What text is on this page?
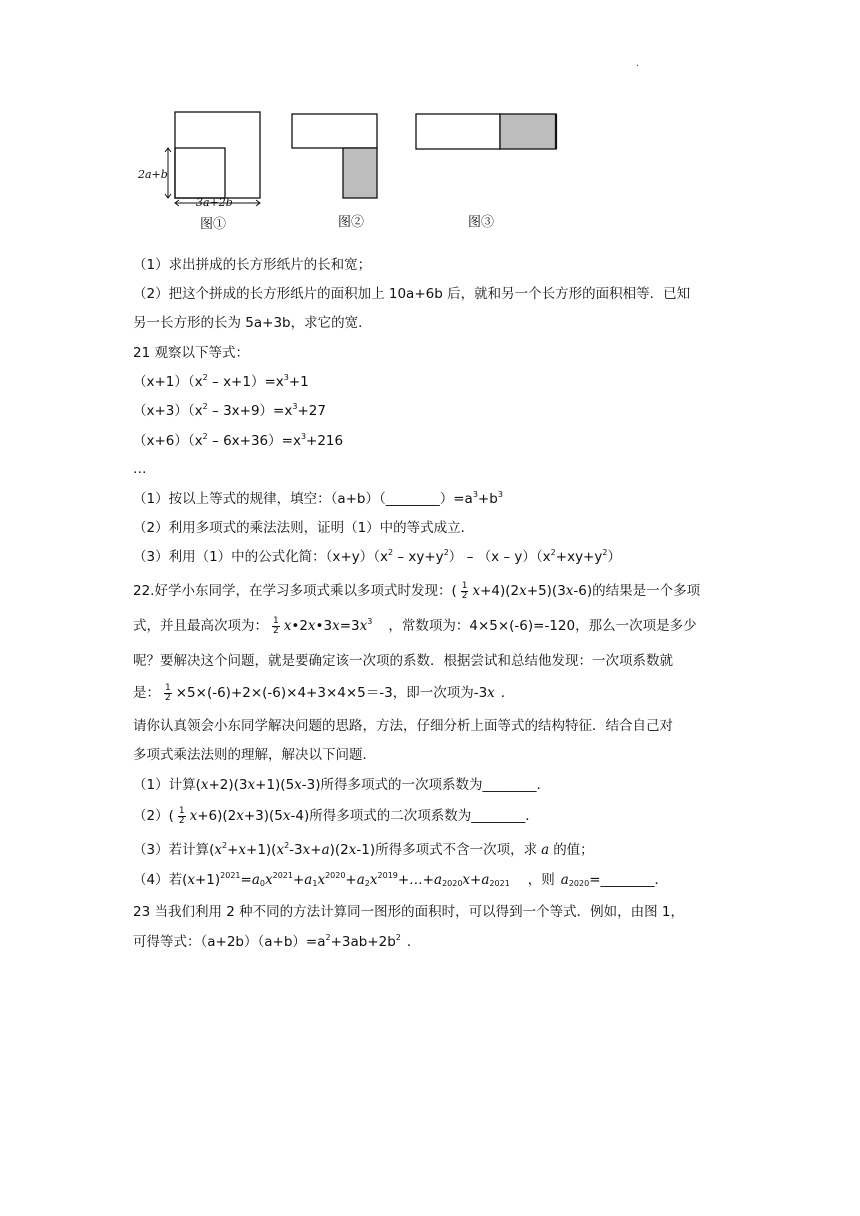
.
2a+b
3a+2b
图①	图②	图③
（1）求出拼成的长方形纸片的长和宽；
（2）把这个拼成的长方形纸片的面积加上 10a+6b 后，就和另一个长方形的面积相等．已知
另一长方形的长为 5a+3b，求它的宽．
21 观察以下等式：
$(x+1)(x^2 - x+1)=x^3+1$
$(x+3)(x^2 - 3x+9)=x^3+27$
$(x+6)(x^2 - 6x+36)=x^3+216$
…
（1）按以上等式的规律，填空：$(a+b)(\_\_\_\_\_\_\_\_)=a^3+b^3$
（2）利用多项式的乘法法则，证明（1）中的等式成立．
（3）利用（1）中的公式化简：$(x+y)(x^2 - xy+y^2) - (x - y)(x^2+xy+y^2)$
22.好学小东同学，在学习多项式乘以多项式时发现：( $\frac{1}{2} x+4)(2x+5)(3x-6)$的结果是一个多项
式，并且最高次项为： $\frac{1}{2}$ $x•2x•3x=3x^3$ ，常数项为：4×5×(-6)=-120，那么一次项是多少
呢？要解决这个问题，就是要确定该一次项的系数．根据尝试和总结他发现：一次项系数就
是： $\frac{1}{2} \times 5\times(-6)+2\times(-6)\times 4+3\times 4\times 5=-3$，即一次项为-3x ．
请你认真领会小东同学解决问题的思路，方法，仔细分析上面等式的结构特征．结合自己对
多项式乘法法则的理解，解决以下问题．
（1）计算(x+2)(3x+1)(5x-3)所得多项式的一次项系数为________．
$(2)( \frac{1}{2} x+6)(2x+3)(5x-4)$所得多项式的二次项系数为________．
（3）若计算$(x^2+x+1)(x^2-3x+a)(2x-1)$所得多项式不含一次项，求 a 的值；
（4）若$(x+1)^{2021}=a_0x^{2021}+a_1x^{2020}+a_2x^{2019}+\dots+a_{2020}x+a_{2021}$ ，则 $a_{2020}=\_\_\_\_\_\_\_\_$．
23 当我们利用 2 种不同的方法计算同一图形的面积时，可以得到一个等式．例如，由图 1，
可得等式：$(a+2b)(a+b)=a^2+3ab+2b^2$ ．
